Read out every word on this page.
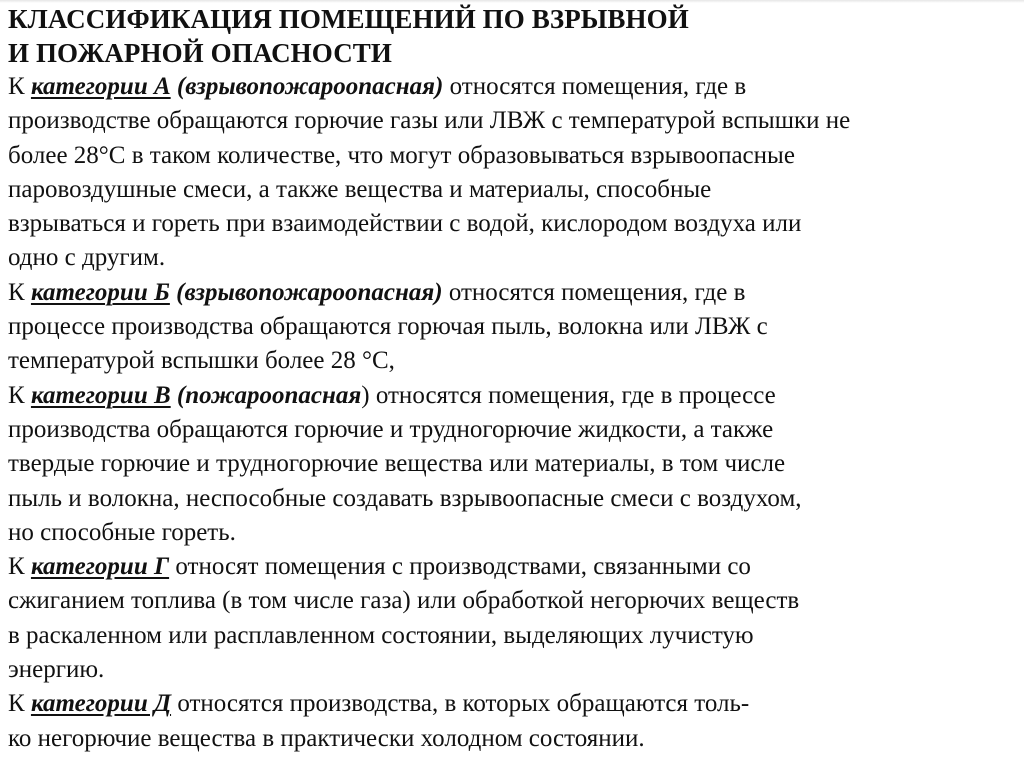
КЛАССИФИКАЦИЯ ПОМЕЩЕНИЙ ПО ВЗРЫВНОЙ
И ПОЖАРНОЙ ОПАСНОСТИ
К категории А (взрывопожароопасная) относятся помещения, где в
производстве обращаются горючие газы или ЛВЖ с температурой вспышки не
более 28°С в таком количестве, что могут образовываться взрывоопасные
паровоздушные смеси, а также вещества и материалы, способные
взрываться и гореть при взаимодействии с водой, кислородом воздуха или
одно с другим.
К категории Б (взрывопожароопасная) относятся помещения, где в
процессе производства обращаются горючая пыль, волокна или ЛВЖ с
температурой вспышки более 28 °С,
К категории В (пожароопасная) относятся помещения, где в процессе
производства обращаются горючие и трудногорючие жидкости, а также
твердые горючие и трудногорючие вещества или материалы, в том числе
пыль и волокна, неспособные создавать взрывоопасные смеси с воздухом,
но способные гореть.
К категории Г относят помещения с производствами, связанными со
сжиганием топлива (в том числе газа) или обработкой негорючих веществ
в раскаленном или расплавленном состоянии, выделяющих лучистую
энергию.
К категории Д относятся производства, в которых обращаются толь-
ко негорючие вещества в практически холодном состоянии.
